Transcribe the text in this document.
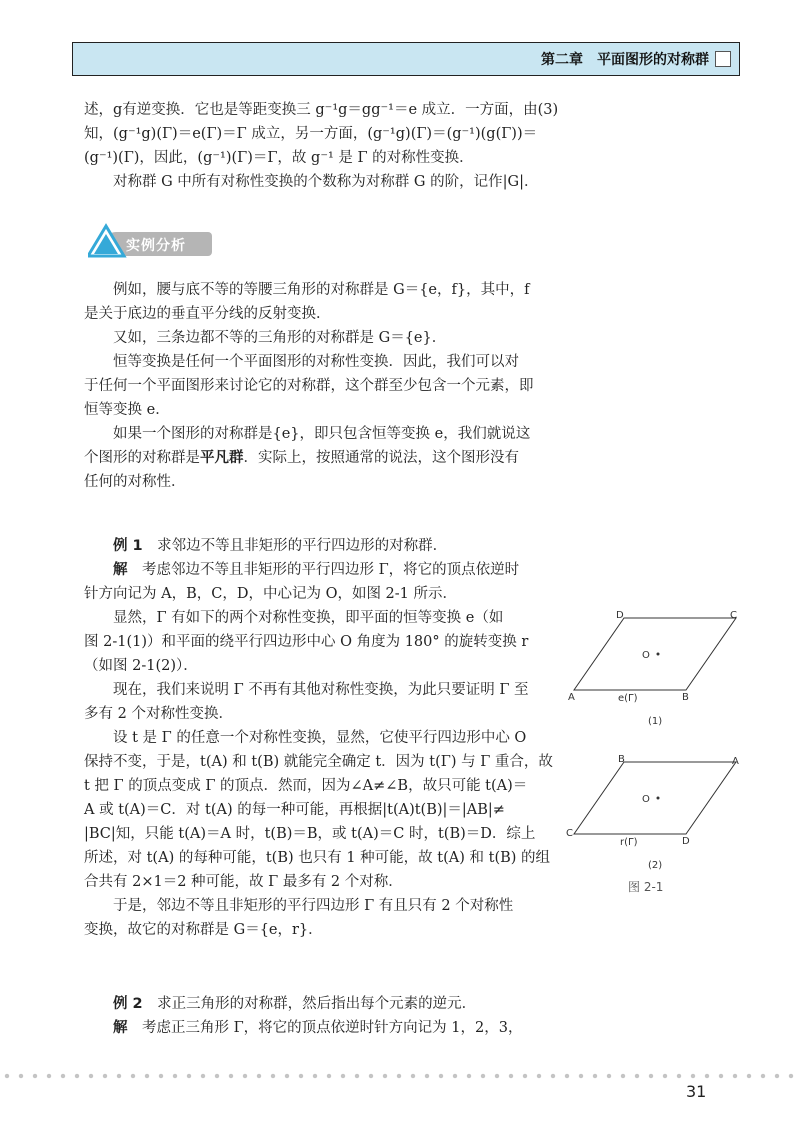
第二章　平面图形的对称群

述，g有逆变换．它也是等距变换三 g⁻¹g＝gg⁻¹＝e 成立．一方面，由(3)

知，(g⁻¹g)(Γ)＝e(Γ)＝Γ 成立，另一方面，(g⁻¹g)(Γ)＝(g⁻¹)(g(Γ))＝

(g⁻¹)(Γ)，因此，(g⁻¹)(Γ)＝Γ，故 g⁻¹ 是 Γ 的对称性变换．

对称群 G 中所有对称性变换的个数称为对称群 G 的阶，记作|G|．

实例分析

例如，腰与底不等的等腰三角形的对称群是 G＝{e，f}，其中，f

是关于底边的垂直平分线的反射变换．

又如，三条边都不等的三角形的对称群是 G＝{e}．

恒等变换是任何一个平面图形的对称性变换．因此，我们可以对

于任何一个平面图形来讨论它的对称群，这个群至少包含一个元素，即

恒等变换 e．

如果一个图形的对称群是{e}，即只包含恒等变换 e，我们就说这

个图形的对称群是平凡群．实际上，按照通常的说法，这个图形没有

任何的对称性．

例 1　 求邻边不等且非矩形的平行四边形的对称群．

解　 考虑邻边不等且非矩形的平行四边形 Γ，将它的顶点依逆时

针方向记为 A，B，C，D，中心记为 O，如图 2-1 所示．

显然，Γ 有如下的两个对称性变换，即平面的恒等变换 e（如

图 2-1(1)）和平面的绕平行四边形中心 O 角度为 180° 的旋转变换 r

（如图 2-1(2)）．

现在，我们来说明 Γ 不再有其他对称性变换，为此只要证明 Γ 至

多有 2 个对称性变换．

设 t 是 Γ 的任意一个对称性变换，显然，它使平行四边形中心 O

保持不变，于是，t(A) 和 t(B) 就能完全确定 t．因为 t(Γ) 与 Γ 重合，故

t 把 Γ 的顶点变成 Γ 的顶点．然而，因为∠A≠∠B，故只可能 t(A)＝

A 或 t(A)＝C．对 t(A) 的每一种可能，再根据|t(A)t(B)|＝|AB|≠

|BC|知，只能 t(A)＝A 时，t(B)＝B，或 t(A)＝C 时，t(B)＝D．综上

所述，对 t(A) 的每种可能，t(B) 也只有 1 种可能，故 t(A) 和 t(B) 的组

合共有 2×1＝2 种可能，故 Γ 最多有 2 个对称．

于是，邻边不等且非矩形的平行四边形 Γ 有且只有 2 个对称性

变换，故它的对称群是 G＝{e，r}．

例 2　 求正三角形的对称群，然后指出每个元素的逆元．

解　 考虑正三角形 Γ，将它的顶点依逆时针方向记为 1，2，3，

A	B
C
D
O
e(Γ)
(1)
C
D
A
B
O
r(Γ)
(2)
图 2-1
31
